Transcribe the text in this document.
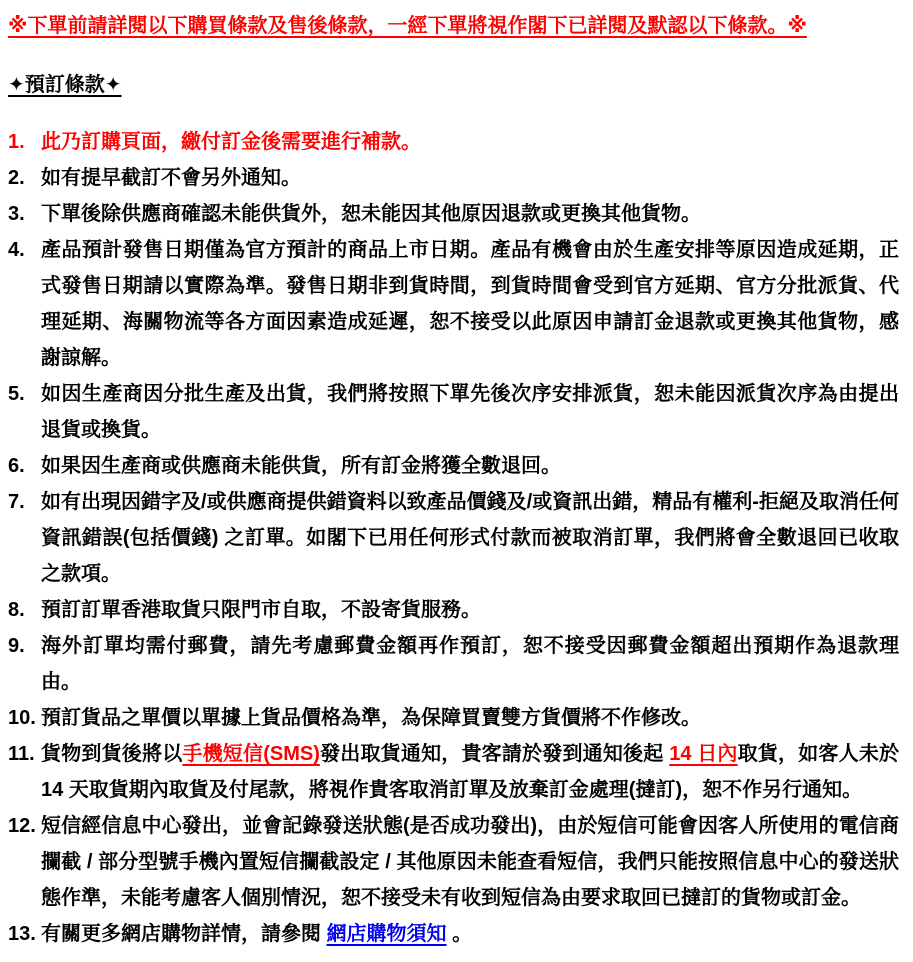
※下單前請詳閱以下購買條款及售後條款，一經下單將視作閣下已詳閱及默認以下條款。※
✦預訂條款✦
1. 此乃訂購頁面，繳付訂金後需要進行補款。
2. 如有提早截訂不會另外通知。
3. 下單後除供應商確認未能供貨外，恕未能因其他原因退款或更換其他貨物。
4. 產品預計發售日期僅為官方預計的商品上市日期。產品有機會由於生產安排等原因造成延期，正式發售日期請以實際為準。發售日期非到貨時間，到貨時間會受到官方延期、官方分批派貨、代理延期、海關物流等各方面因素造成延遲，恕不接受以此原因申請訂金退款或更換其他貨物，感謝諒解。
5. 如因生產商因分批生產及出貨，我們將按照下單先後次序安排派貨，恕未能因派貨次序為由提出退貨或換貨。
6. 如果因生產商或供應商未能供貨，所有訂金將獲全數退回。
7. 如有出現因錯字及/或供應商提供錯資料以致產品價錢及/或資訊出錯，精品有權利-拒絕及取消任何資訊錯誤(包括價錢) 之訂單。如閣下已用任何形式付款而被取消訂單，我們將會全數退回已收取之款項。
8. 預訂訂單香港取貨只限門市自取，不設寄貨服務。
9. 海外訂單均需付郵費，請先考慮郵費金額再作預訂，恕不接受因郵費金額超出預期作為退款理由。
10. 預訂貨品之單價以單據上貨品價格為準，為保障買賣雙方貨價將不作修改。
11. 貨物到貨後將以手機短信(SMS)發出取貨通知，貴客請於發到通知後起 14 日內取貨，如客人未於 14 天取貨期內取貨及付尾款，將視作貴客取消訂單及放棄訂金處理(撻訂)，恕不作另行通知。
12. 短信經信息中心發出，並會記錄發送狀態(是否成功發出)，由於短信可能會因客人所使用的電信商攔截 / 部分型號手機內置短信攔截設定 / 其他原因未能查看短信，我們只能按照信息中心的發送狀態作準，未能考慮客人個別情況，恕不接受未有收到短信為由要求取回已撻訂的貨物或訂金。
13. 有關更多網店購物詳情，請參閱 網店購物須知 。
